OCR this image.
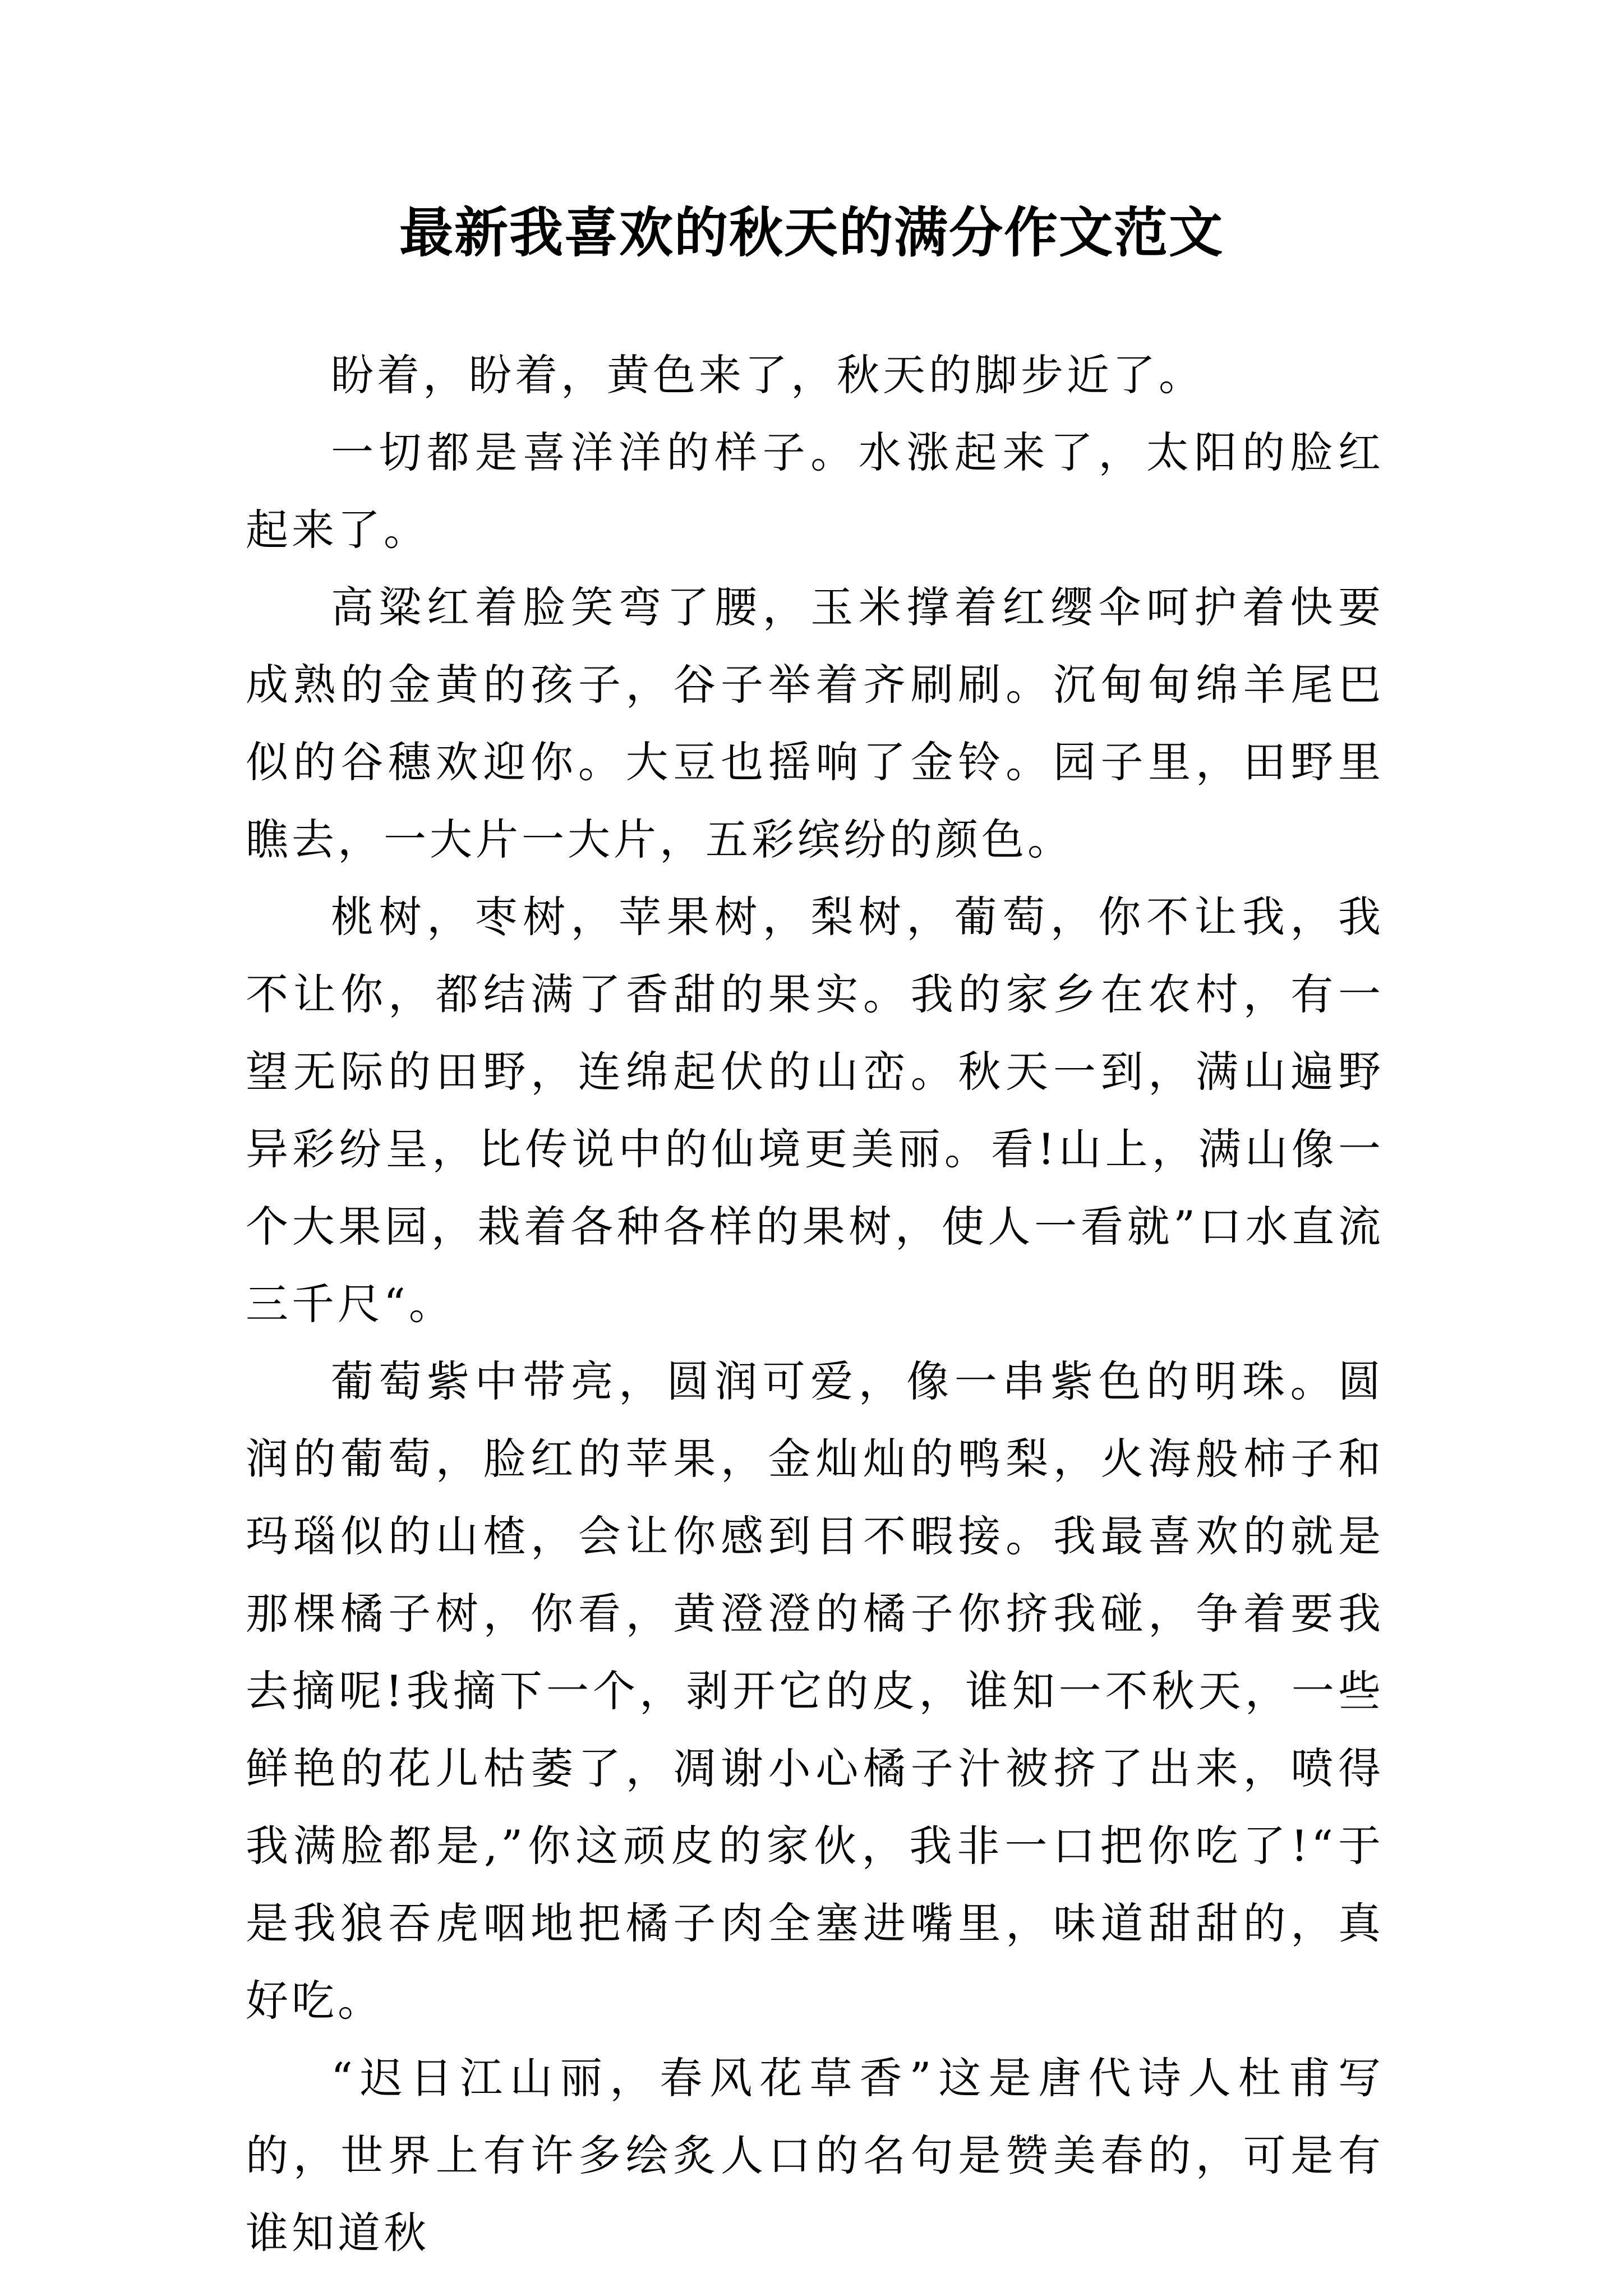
最新我喜欢的秋天的满分作文范文

盼着，盼着，黄色来了，秋天的脚步近了。

一切都是喜洋洋的样子。水涨起来了，太阳的脸红起来了。

高粱红着脸笑弯了腰，玉米撑着红缨伞呵护着快要成熟的金黄的孩子，谷子举着齐刷刷。沉甸甸绵羊尾巴似的谷穗欢迎你。大豆也摇响了金铃。园子里，田野里瞧去，一大片一大片，五彩缤纷的颜色。

桃树，枣树，苹果树，梨树，葡萄，你不让我，我不让你，都结满了香甜的果实。我的家乡在农村，有一望无际的田野，连绵起伏的山峦。秋天一到，满山遍野异彩纷呈，比传说中的仙境更美丽。看!山上，满山像一个大果园，栽着各种各样的果树，使人一看就”口水直流三千尺“。

葡萄紫中带亮，圆润可爱，像一串紫色的明珠。圆润的葡萄，脸红的苹果，金灿灿的鸭梨，火海般柿子和玛瑙似的山楂，会让你感到目不暇接。我最喜欢的就是那棵橘子树，你看，黄澄澄的橘子你挤我碰，争着要我去摘呢!我摘下一个，剥开它的皮，谁知一不秋天，一些鲜艳的花儿枯萎了，凋谢小心橘子汁被挤了出来，喷得我满脸都是,”你这顽皮的家伙，我非一口把你吃了!“于是我狼吞虎咽地把橘子肉全塞进嘴里，味道甜甜的，真好吃。

“迟日江山丽，春风花草香”这是唐代诗人杜甫写的，世界上有许多绘炙人口的名句是赞美春的，可是有谁知道秋
